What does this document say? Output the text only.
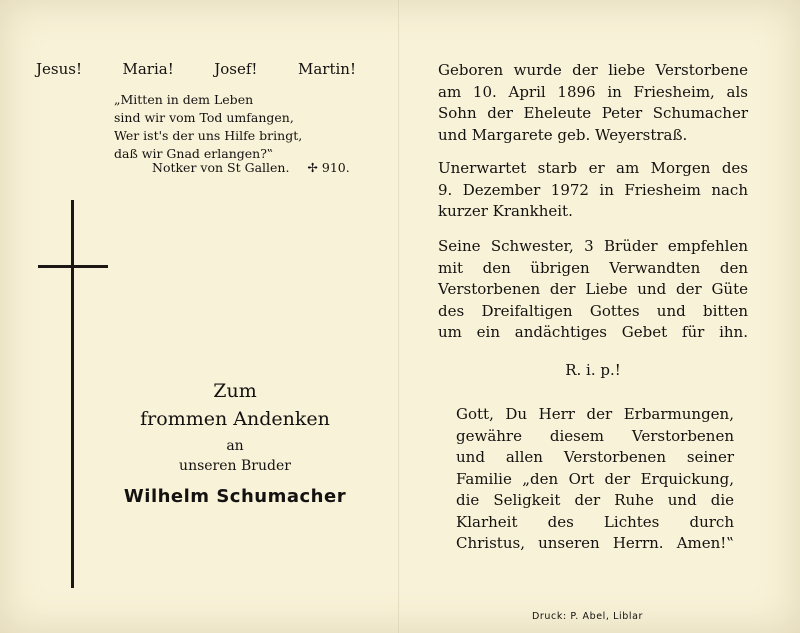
Jesus!	Maria!	Josef!	Martin!
„Mitten in dem Leben
sind wir vom Tod umfangen,
Wer ist's der uns Hilfe bringt,
daß wir Gnad erlangen?‟
Notker von St Gallen. ✢ 910.
Zum
frommen Andenken
an
unseren Bruder
Wilhelm Schumacher
Geboren wurde der liebe Verstorbene
am 10. April 1896 in Friesheim, als
Sohn der Eheleute Peter Schumacher
und Margarete geb. Weyerstraß.
Unerwartet starb er am Morgen des
9. Dezember 1972 in Friesheim nach
kurzer Krankheit.
Seine Schwester, 3 Brüder empfehlen
mit den übrigen Verwandten den
Verstorbenen der Liebe und der Güte
des Dreifaltigen Gottes und bitten
um ein andächtiges Gebet für ihn.
R. i. p.!
Gott, Du Herr der Erbarmungen,
gewähre diesem Verstorbenen
und allen Verstorbenen seiner
Familie „den Ort der Erquickung,
die Seligkeit der Ruhe und die
Klarheit des Lichtes durch
Christus, unseren Herrn. Amen!‟
Druck: P. Abel, Liblar
